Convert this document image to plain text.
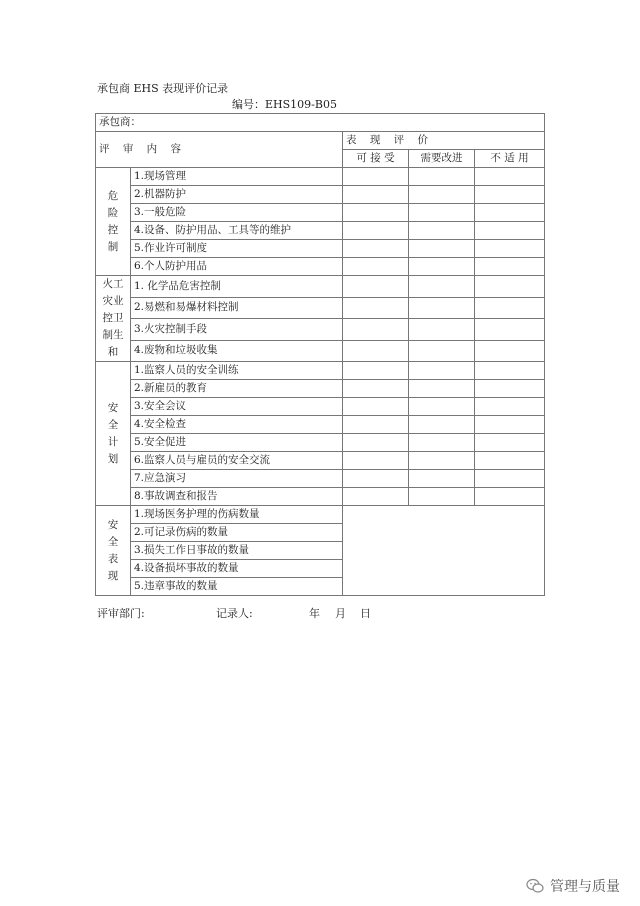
承包商 EHS 表现评价记录
编号：EHS109-B05
承包商：				
评 审 内 容		表 现 评 价		
		可 接 受	需要改进	不 适 用

危
险
控
制	1.现场管理			
	2.机器防护			
	3.一般危险			
	4.设备、防护用品、工具等的维护			
	5.作业许可制度			
	6.个人防护用品			

火工
灾业
控卫
制生
和	1. 化学品危害控制			
	2.易燃和易爆材料控制			
	3.火灾控制手段			
	4.废物和垃圾收集			

安
全
计
划	1.监察人员的安全训练			
	2.新雇员的教育			
	3.安全会议			
	4.安全检查			
	5.安全促进			
	6.监察人员与雇员的安全交流			
	7.应急演习			
	8.事故调查和报告			

安
全
表
现	1.现场医务护理的伤病数量			
	2.可记录伤病的数量			
	3.损失工作日事故的数量			
	4.设备损坏事故的数量			
	5.违章事故的数量			
评审部门:	记录人:	年 月 日
管理与质量
